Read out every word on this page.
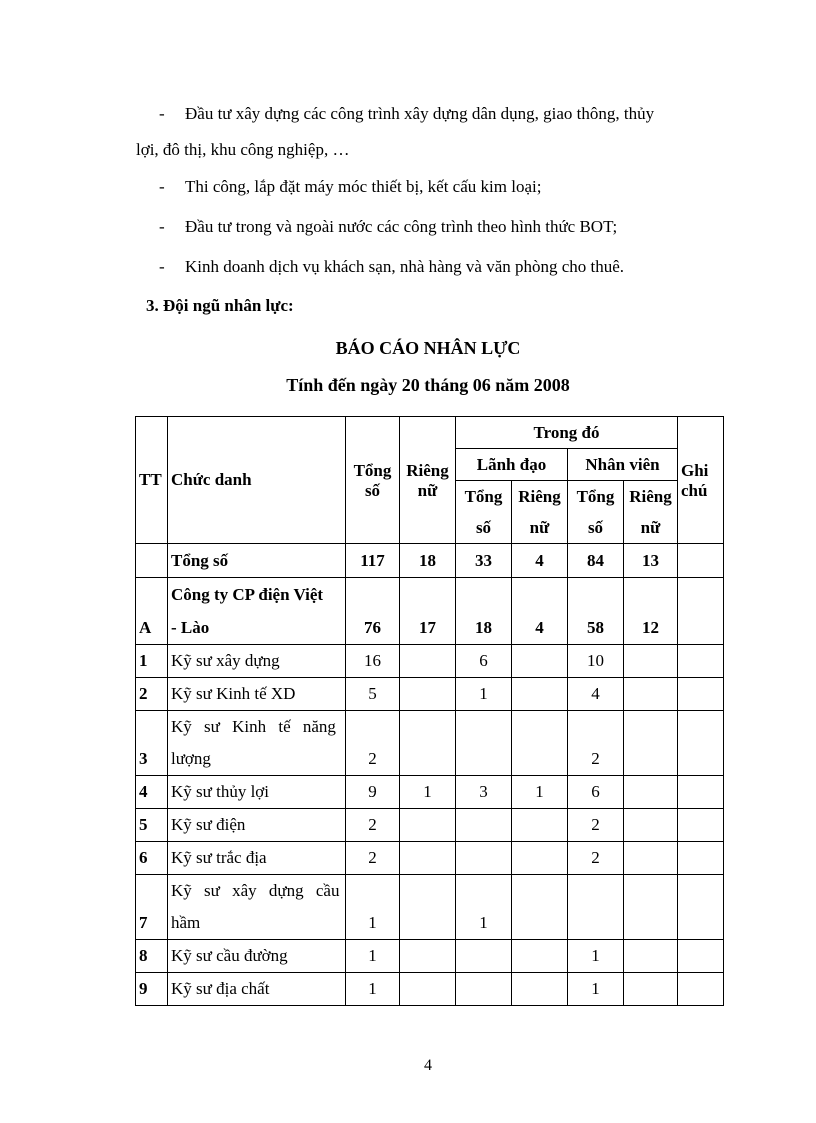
- Đầu tư xây dựng các công trình xây dựng dân dụng, giao thông, thủy
lợi, đô thị, khu công nghiệp, …
- Thi công, lắp đặt máy móc thiết bị, kết cấu kim loại;
- Đầu tư trong và ngoài nước các công trình theo hình thức BOT;
- Kinh doanh dịch vụ khách sạn, nhà hàng và văn phòng cho thuê.
3. Đội ngũ nhân lực:
BÁO CÁO NHÂN LỰC
Tính đến ngày 20 tháng 06 năm 2008
TT	Chức danh	Tổng	Riêng	Trong đó				Ghi
				Lãnh đạo		Nhân viên		
		số	nữ	Tổng	Riêng	Tổng	Riêng	chú
				số	nữ	số	nữ	
	Tổng số	117	18	33	4	84	13	
A	Công ty CP điện Việt
- Lào	76	17	18	4	58	12	
1	Kỹ sư xây dựng	16		6		10		
2	Kỹ sư Kinh tế XD	5		1		4		
3	Kỹ sư Kinh tế năng
lượng	2				2		
4	Kỹ sư thủy lợi	9	1	3	1	6		
5	Kỹ sư điện	2				2		
6	Kỹ sư trắc địa	2				2		
7	Kỹ sư xây dựng cầu
hầm	1		1				
8	Kỹ sư cầu đường	1				1		
9	Kỹ sư địa chất	1				1		
4
